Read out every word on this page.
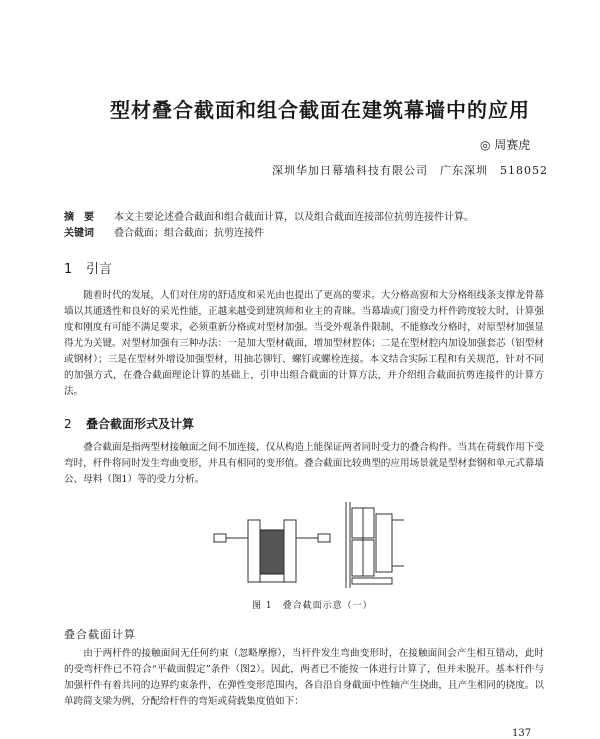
型材叠合截面和组合截面在建筑幕墙中的应用
◎ 周赛虎
深圳华加日幕墙科技有限公司　广东深圳　518052
摘　要 本文主要论述叠合截面和组合截面计算，以及组合截面连接部位抗剪连接件计算。
关键词 叠合截面；组合截面；抗剪连接件
1 引言

随着时代的发展，人们对住房的舒适度和采光由也提出了更高的要求。大分格高窗和大分格组线条支撑龙骨幕墙以其通透性和良好的采光性能，正越来越受到建筑师和业主的青睐。当幕墙或门窗受力杆件跨度较大时，计算强度和刚度有可能不满足要求，必须重新分格或对型材加强。当受外观条件限制，不能修改分格时，对原型材加强显得尤为关键。对型材加强有三种办法：一是加大型材截面，增加型材腔体；二是在型材腔内加设加强套芯（铝型材或钢材）；三是在型材外增设加强型材，用抽芯铆钉、螺钉或螺栓连接。本文结合实际工程和有关规范，针对不同的加强方式，在叠合截面理论计算的基础上，引申出组合截面的计算方法，并介绍组合截面抗剪连接件的计算方法。

2 叠合截面形式及计算

叠合截面是指两型材接触面之间不加连接，仅从构造上能保证两者同时受力的叠合构件。当其在荷载作用下受弯时，杆件将同时发生弯曲变形，并具有相同的变形值。叠合截面比较典型的应用场景就是型材套钢和单元式幕墙公、母料（图1）等的受力分析。

图 1　叠合截面示意（一）
叠合截面计算

由于两杆件的接触面间无任何约束（忽略摩擦），当杆件发生弯曲变形时，在接触面间会产生相互错动，此时的受弯杆件已不符合“平截面假定”条件（图2）。因此，两者已不能按一体进行计算了，但并未脱开。基本杆件与加强杆件有着共同的边界约束条件，在弹性变形范围内，各自沿自身截面中性轴产生挠曲，且产生相同的挠度。以单跨简支梁为例，分配给杆件的弯矩或荷载集度值如下：

137
